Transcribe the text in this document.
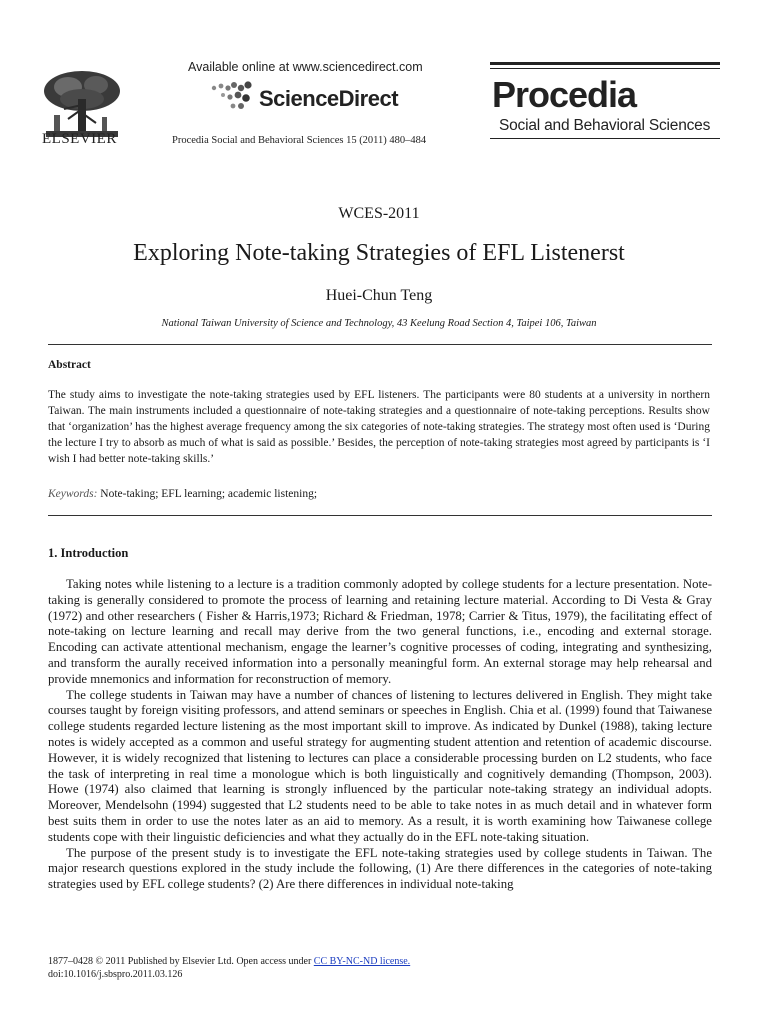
ELSEVIER
Available online at www.sciencedirect.com
ScienceDirect
Procedia Social and Behavioral Sciences 15 (2011) 480–484
Procedia
Social and Behavioral Sciences
WCES-2011
Exploring Note-taking Strategies of EFL Listenerst
Huei-Chun Teng
National Taiwan University of Science and Technology, 43 Keelung Road Section 4, Taipei 106, Taiwan
Abstract
The study aims to investigate the note-taking strategies used by EFL listeners. The participants were 80 students at a university in northern Taiwan. The main instruments included a questionnaire of note-taking strategies and a questionnaire of note-taking perceptions. Results show that ‘organization’ has the highest average frequency among the six categories of note-taking strategies. The strategy most often used is ‘During the lecture I try to absorb as much of what is said as possible.’ Besides, the perception of note-taking strategies most agreed by participants is ‘I wish I had better note-taking skills.’
Keywords: Note-taking; EFL learning; academic listening;
1. Introduction

Taking notes while listening to a lecture is a tradition commonly adopted by college students for a lecture presentation. Note-taking is generally considered to promote the process of learning and retaining lecture material. According to Di Vesta & Gray (1972) and other researchers ( Fisher & Harris,1973; Richard & Friedman, 1978; Carrier & Titus, 1979), the facilitating effect of note-taking on lecture learning and recall may derive from the two general functions, i.e., encoding and external storage. Encoding can activate attentional mechanism, engage the learner’s cognitive processes of coding, integrating and synthesizing, and transform the aurally received information into a personally meaningful form. An external storage may help rehearsal and provide mnemonics and information for reconstruction of memory.

The college students in Taiwan may have a number of chances of listening to lectures delivered in English. They might take courses taught by foreign visiting professors, and attend seminars or speeches in English. Chia et al. (1999) found that Taiwanese college students regarded lecture listening as the most important skill to improve. As indicated by Dunkel (1988), taking lecture notes is widely accepted as a common and useful strategy for augmenting student attention and retention of academic discourse. However, it is widely recognized that listening to lectures can place a considerable processing burden on L2 students, who face the task of interpreting in real time a monologue which is both linguistically and cognitively demanding (Thompson, 2003). Howe (1974) also claimed that learning is strongly influenced by the particular note-taking strategy an individual adopts. Moreover, Mendelsohn (1994) suggested that L2 students need to be able to take notes in as much detail and in whatever form best suits them in order to use the notes later as an aid to memory. As a result, it is worth examining how Taiwanese college students cope with their linguistic deficiencies and what they actually do in the EFL note-taking situation.

The purpose of the present study is to investigate the EFL note-taking strategies used by college students in Taiwan. The major research questions explored in the study include the following, (1) Are there differences in the categories of note-taking strategies used by EFL college students? (2) Are there differences in individual note-taking

1877–0428 © 2011 Published by Elsevier Ltd. Open access under CC BY-NC-ND license.
doi:10.1016/j.sbspro.2011.03.126
